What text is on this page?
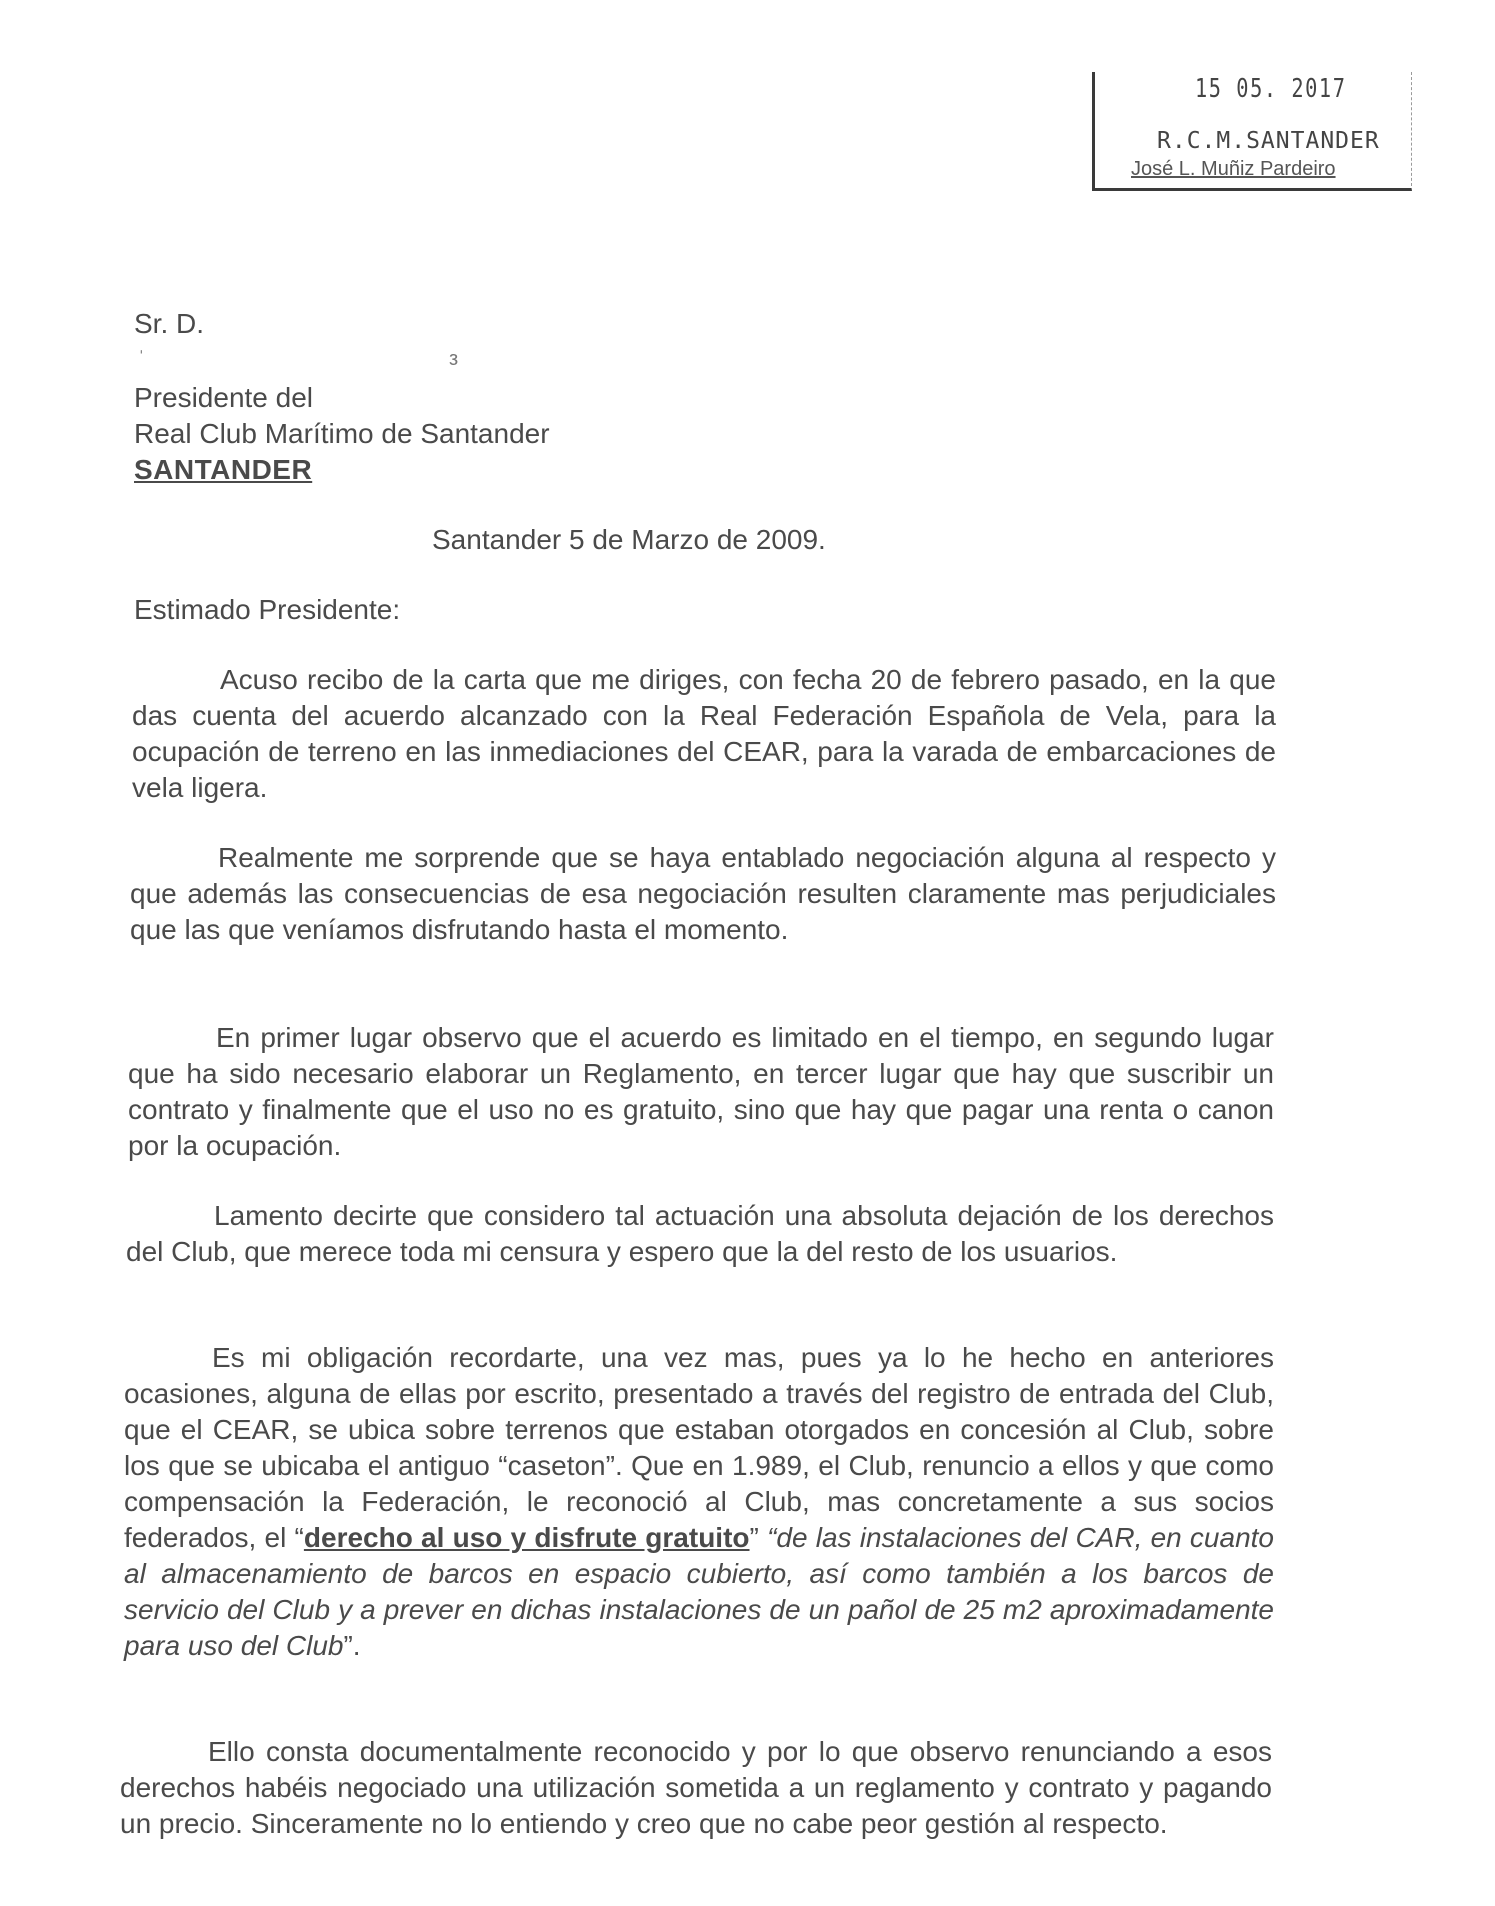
15 05. 2017
R.C.M.SANTANDER
José L. Muñiz Pardeiro
Sr. D.
ˈ	з
Presidente del
Real Club Marítimo de Santander
SANTANDER
Santander 5 de Marzo de 2009.
Estimado Presidente:

Acuso recibo de la carta que me diriges, con fecha 20 de febrero pasado, en la que das cuenta del acuerdo alcanzado con la Real Federación Española de Vela, para la ocupación de terreno en las inmediaciones del CEAR, para la varada de embarcaciones de vela ligera.

Realmente me sorprende que se haya entablado negociación alguna al respecto y que además las consecuencias de esa negociación resulten claramente mas perjudiciales que las que veníamos disfrutando hasta el momento.

En primer lugar observo que el acuerdo es limitado en el tiempo, en segundo lugar que ha sido necesario elaborar un Reglamento, en tercer lugar que hay que suscribir un contrato y finalmente que el uso no es gratuito, sino que hay que pagar una renta o canon por la ocupación.

Lamento decirte que considero tal actuación una absoluta dejación de los derechos del Club, que merece toda mi censura y espero que la del resto de los usuarios.

Es mi obligación recordarte, una vez mas, pues ya lo he hecho en anteriores ocasiones, alguna de ellas por escrito, presentado a través del registro de entrada del Club, que el CEAR, se ubica sobre terrenos que estaban otorgados en concesión al Club, sobre los que se ubicaba el antiguo “caseton”. Que en 1.989, el Club, renuncio a ellos y que como compensación la Federación, le reconoció al Club, mas concretamente a sus socios federados, el “derecho al uso y disfrute gratuito” “de las instalaciones del CAR, en cuanto al almacenamiento de barcos en espacio cubierto, así como también a los barcos de servicio del Club y a prever en dichas instalaciones de un pañol de 25 m2 aproximadamente para uso del Club”.

Ello consta documentalmente reconocido y por lo que observo renunciando a esos derechos habéis negociado una utilización sometida a un reglamento y contrato y pagando un precio. Sinceramente no lo entiendo y creo que no cabe peor gestión al respecto.
